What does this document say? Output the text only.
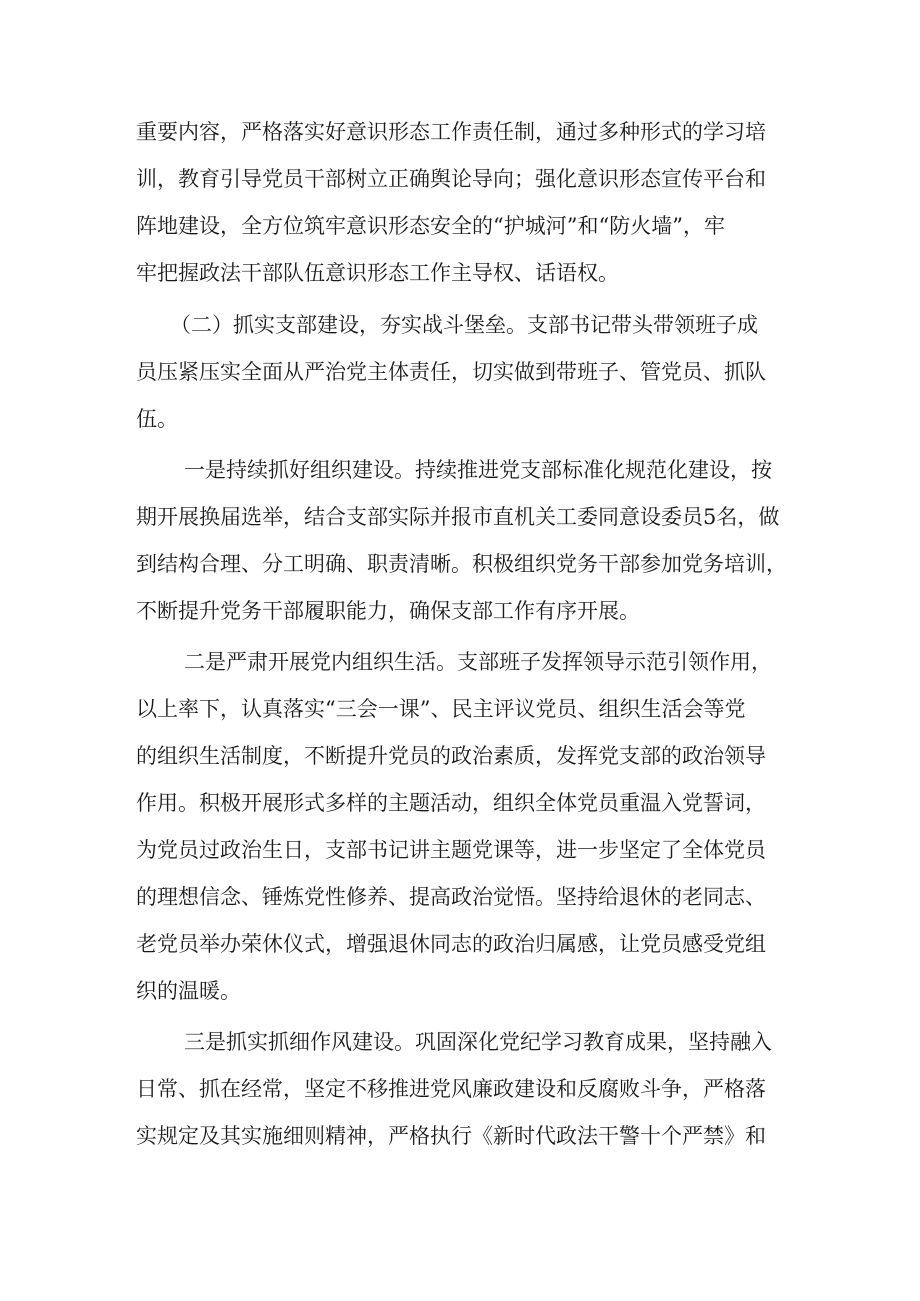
重要内容，严格落实好意识形态工作责任制，通过多种形式的学习培
训，教育引导党员干部树立正确舆论导向；强化意识形态宣传平台和
阵地建设，全方位筑牢意识形态安全的“护城河”和“防火墙”，牢
牢把握政法干部队伍意识形态工作主导权、话语权。
（二）抓实支部建设，夯实战斗堡垒。支部书记带头带领班子成
员压紧压实全面从严治党主体责任，切实做到带班子、管党员、抓队
伍。
一是持续抓好组织建设。持续推进党支部标准化规范化建设，按
期开展换届选举，结合支部实际并报市直机关工委同意设委员5名，做
到结构合理、分工明确、职责清晰。积极组织党务干部参加党务培训，
不断提升党务干部履职能力，确保支部工作有序开展。
二是严肃开展党内组织生活。支部班子发挥领导示范引领作用，
以上率下，认真落实“三会一课”、民主评议党员、组织生活会等党
的组织生活制度，不断提升党员的政治素质，发挥党支部的政治领导
作用。积极开展形式多样的主题活动，组织全体党员重温入党誓词，
为党员过政治生日，支部书记讲主题党课等，进一步坚定了全体党员
的理想信念、锤炼党性修养、提高政治觉悟。坚持给退休的老同志、
老党员举办荣休仪式，增强退休同志的政治归属感，让党员感受党组
织的温暖。
三是抓实抓细作风建设。巩固深化党纪学习教育成果，坚持融入
日常、抓在经常，坚定不移推进党风廉政建设和反腐败斗争，严格落
实规定及其实施细则精神，严格执行《新时代政法干警十个严禁》和
